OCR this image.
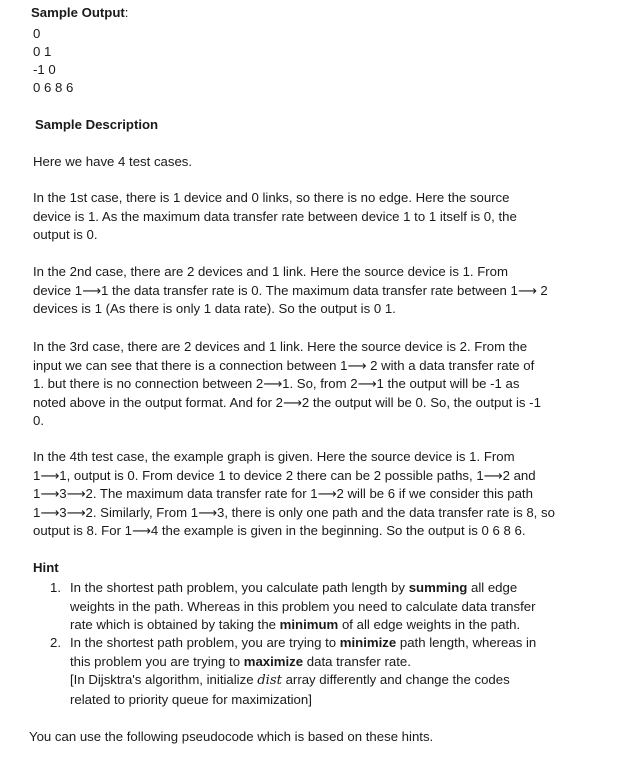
Sample Output:
0
0 1
-1 0
0 6 8 6
Sample Description
Here we have 4 test cases.
In the 1st case, there is 1 device and 0 links, so there is no edge. Here the source
device is 1. As the maximum data transfer rate between device 1 to 1 itself is 0, the
output is 0.
In the 2nd case, there are 2 devices and 1 link. Here the source device is 1. From
device 1⟶1 the data transfer rate is 0. The maximum data transfer rate between 1⟶ 2
devices is 1 (As there is only 1 data rate). So the output is 0 1.
In the 3rd case, there are 2 devices and 1 link. Here the source device is 2. From the
input we can see that there is a connection between 1⟶ 2 with a data transfer rate of
1. but there is no connection between 2⟶1. So, from 2⟶1 the output will be -1 as
noted above in the output format. And for 2⟶2 the output will be 0. So, the output is -1
0.
In the 4th test case, the example graph is given. Here the source device is 1. From
1⟶1, output is 0. From device 1 to device 2 there can be 2 possible paths, 1⟶2 and
1⟶3⟶2. The maximum data transfer rate for 1⟶2 will be 6 if we consider this path
1⟶3⟶2. Similarly, From 1⟶3, there is only one path and the data transfer rate is 8, so
output is 8. For 1⟶4 the example is given in the beginning. So the output is 0 6 8 6.
Hint
1. In the shortest path problem, you calculate path length by summing all edge
weights in the path. Whereas in this problem you need to calculate data transfer
rate which is obtained by taking the minimum of all edge weights in the path.
2. In the shortest path problem, you are trying to minimize path length, whereas in
this problem you are trying to maximize data transfer rate.
[In Dijsktra's algorithm, initialize dist array differently and change the codes
related to priority queue for maximization]
You can use the following pseudocode which is based on these hints.
